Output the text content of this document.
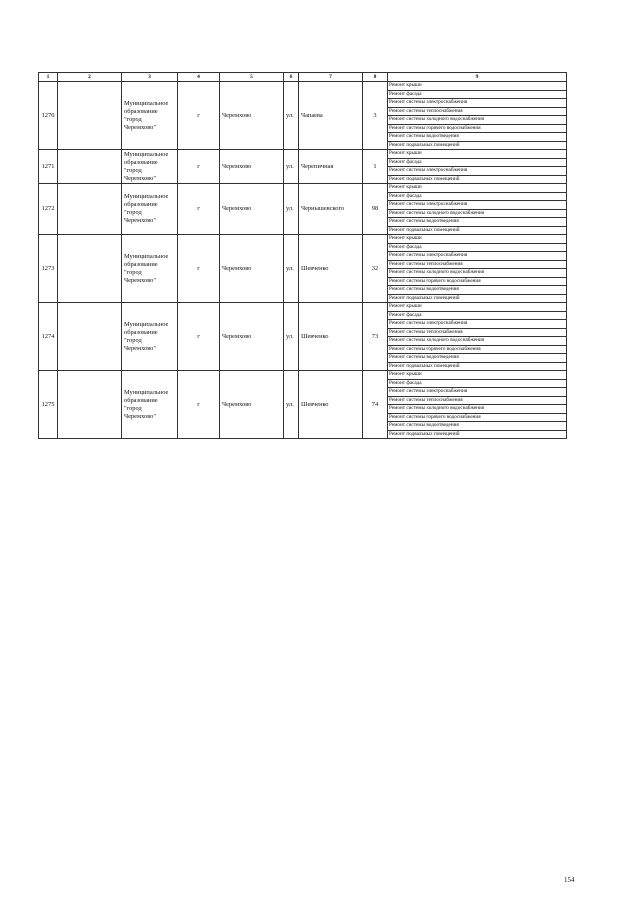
1	2	3	4	5	6	7	8	9
1270		Муниципальное
образование
"город
Черемхово"	г	Черемхово	ул.	Чапаева	3	Ремонт крыши
								Ремонт фасада
								Ремонт системы электроснабжения
								Ремонт системы теплоснабжения
								Ремонт системы холодного водоснабжения
								Ремонт системы горячего водоснабжения
								Ремонт системы водоотведения
								Ремонт подвальных помещений
1271		Муниципальное
образование
"город
Черемхово"	г	Черемхово	ул.	Черепичная	1	Ремонт крыши
								Ремонт фасада
								Ремонт системы электроснабжения
								Ремонт подвальных помещений
1272		Муниципальное
образование
"город
Черемхово"	г	Черемхово	ул.	Чернышевского	98	Ремонт крыши
								Ремонт фасада
								Ремонт системы электроснабжения
								Ремонт системы холодного водоснабжения
								Ремонт системы водоотведения
								Ремонт подвальных помещений
1273		Муниципальное
образование
"город
Черемхово"	г	Черемхово	ул.	Шевченко	32	Ремонт крыши
								Ремонт фасада
								Ремонт системы электроснабжения
								Ремонт системы теплоснабжения
								Ремонт системы холодного водоснабжения
								Ремонт системы горячего водоснабжения
								Ремонт системы водоотведения
								Ремонт подвальных помещений
1274		Муниципальное
образование
"город
Черемхово"	г	Черемхово	ул.	Шевченко	73	Ремонт крыши
								Ремонт фасада
								Ремонт системы электроснабжения
								Ремонт системы теплоснабжения
								Ремонт системы холодного водоснабжения
								Ремонт системы горячего водоснабжения
								Ремонт системы водоотведения
								Ремонт подвальных помещений
1275		Муниципальное
образование
"город
Черемхово"	г	Черемхово	ул.	Шевченко	74	Ремонт крыши
								Ремонт фасада
								Ремонт системы электроснабжения
								Ремонт системы теплоснабжения
								Ремонт системы холодного водоснабжения
								Ремонт системы горячего водоснабжения
								Ремонт системы водоотведения
								Ремонт подвальных помещений
154
